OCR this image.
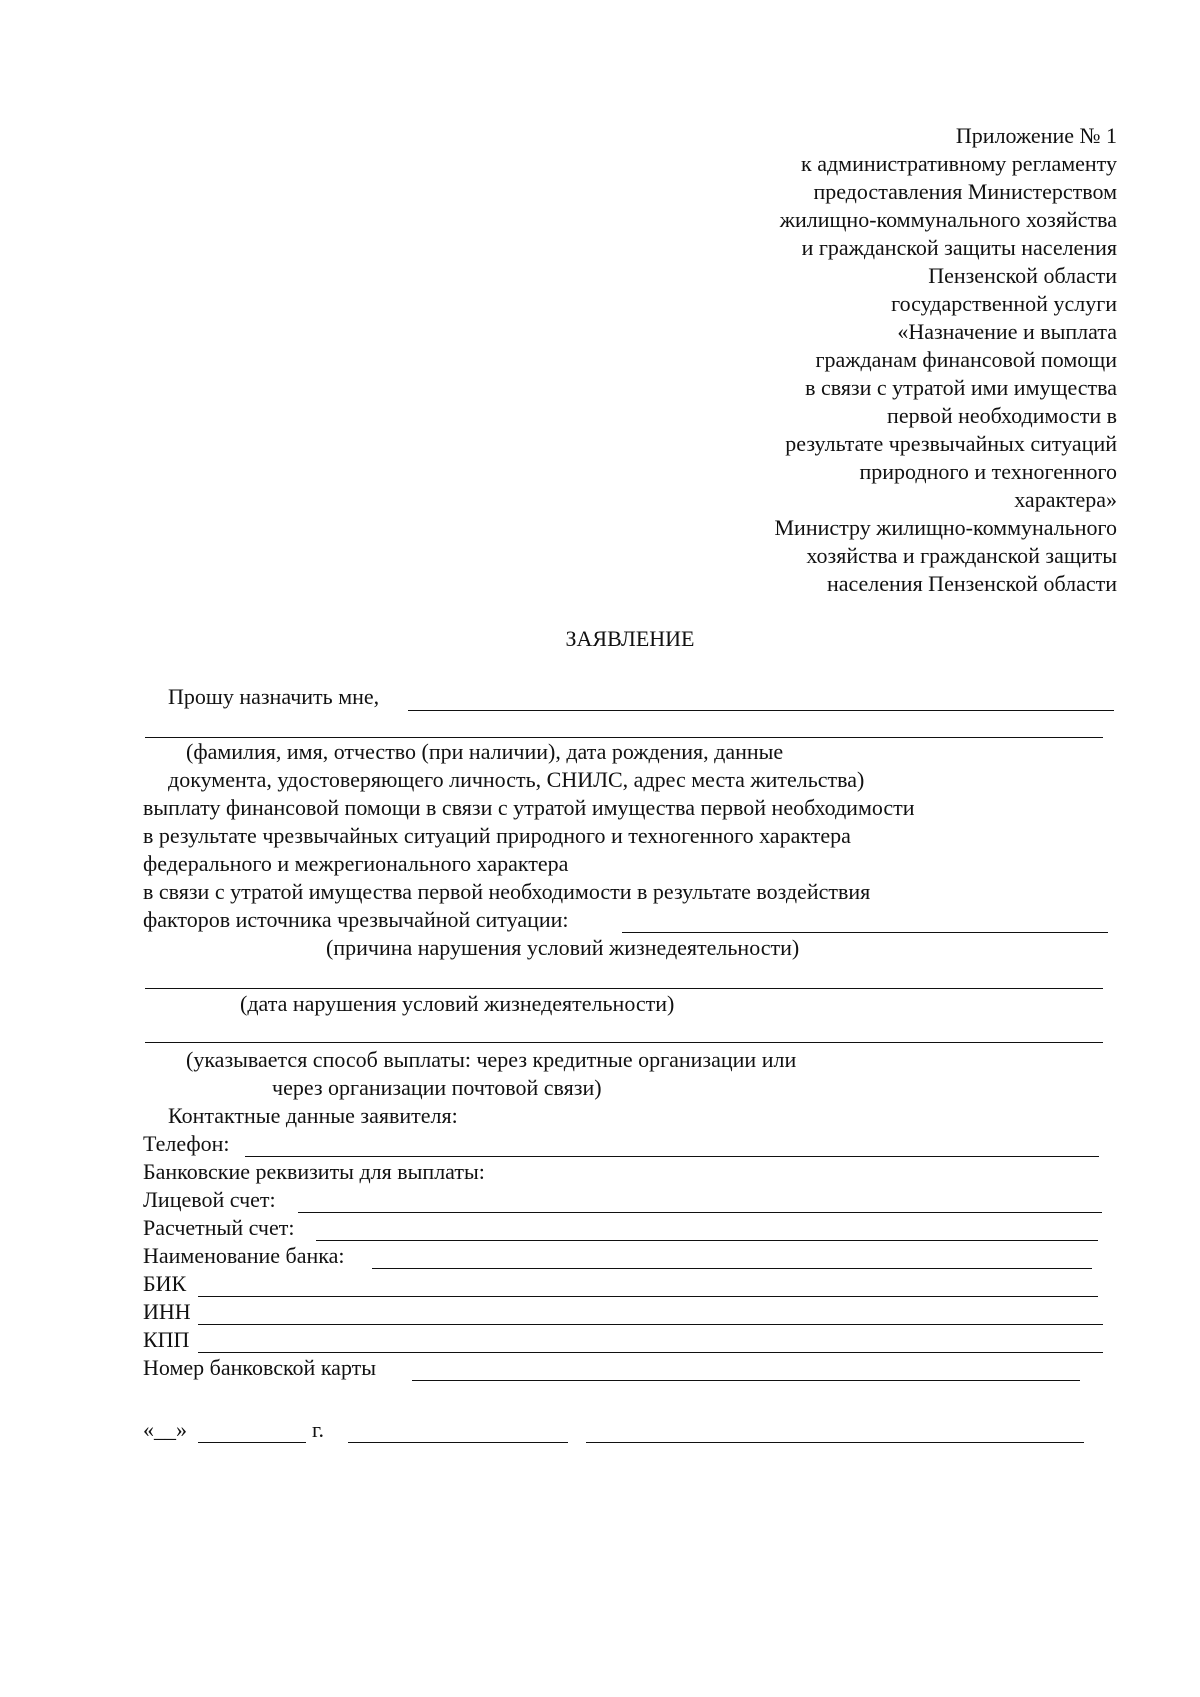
Приложение № 1

к административному регламенту

предоставления Министерством

жилищно-коммунального хозяйства

и гражданской защиты населения

Пензенской области

государственной услуги

«Назначение и выплата

гражданам финансовой помощи

в связи с утратой ими имущества

первой необходимости в

результате чрезвычайных ситуаций

природного и техногенного

характера»

Министру жилищно-коммунального

хозяйства и гражданской защиты

населения Пензенской области

ЗАЯВЛЕНИЕ

Прошу назначить мне,

(фамилия, имя, отчество (при наличии), дата рождения, данные

документа, удостоверяющего личность, СНИЛС, адрес места жительства)

выплату финансовой помощи в связи с утратой имущества первой необходимости

в результате чрезвычайных ситуаций природного и техногенного характера

федерального и межрегионального характера

в связи с утратой имущества первой необходимости в результате воздействия

факторов источника чрезвычайной ситуации:

(причина нарушения условий жизнедеятельности)

(дата нарушения условий жизнедеятельности)

(указывается способ выплаты: через кредитные организации или

через организации почтовой связи)

Контактные данные заявителя:

Телефон:

Банковские реквизиты для выплаты:

Лицевой счет:

Расчетный счет:

Наименование банка:

БИК

ИНН

КПП

Номер банковской карты

«__»	г.
